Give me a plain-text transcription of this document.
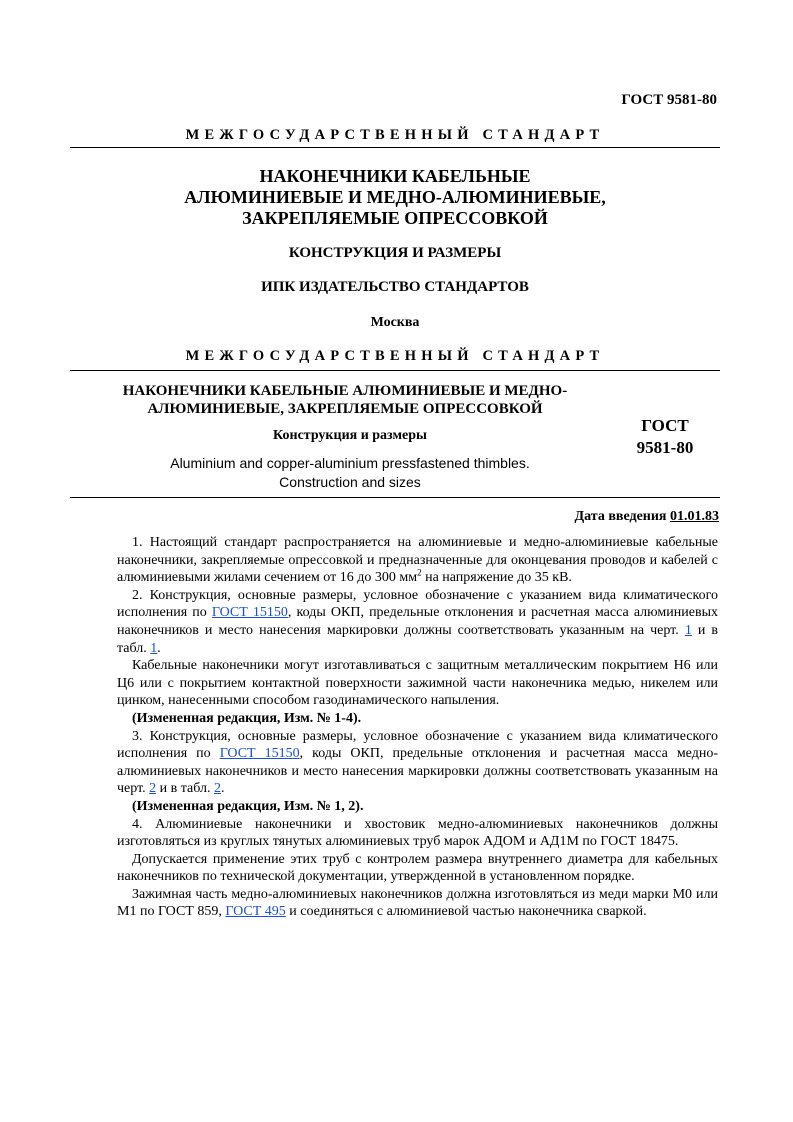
ГОСТ 9581-80
МЕЖГОСУДАРСТВЕННЫЙ СТАНДАРТ
НАКОНЕЧНИКИ КАБЕЛЬНЫЕ
АЛЮМИНИЕВЫЕ И МЕДНО-АЛЮМИНИЕВЫЕ,
ЗАКРЕПЛЯЕМЫЕ ОПРЕССОВКОЙ
КОНСТРУКЦИЯ И РАЗМЕРЫ
ИПК ИЗДАТЕЛЬСТВО СТАНДАРТОВ
Москва
МЕЖГОСУДАРСТВЕННЫЙ СТАНДАРТ
НАКОНЕЧНИКИ КАБЕЛЬНЫЕ АЛЮМИНИЕВЫЕ И МЕДНО-
АЛЮМИНИЕВЫЕ, ЗАКРЕПЛЯЕМЫЕ ОПРЕССОВКОЙ
Конструкция и размеры
Aluminium and copper-aluminium pressfastened thimbles.
Construction and sizes
ГОСТ
9581-80
Дата введения 01.01.83

1. Настоящий стандарт распространяется на алюминиевые и медно-алюминиевые кабельные наконечники, закрепляемые опрессовкой и предназначенные для оконцевания проводов и кабелей с алюминиевыми жилами сечением от 16 до 300 $мм^2$ на напряжение до 35 кВ.

2. Конструкция, основные размеры, условное обозначение с указанием вида климатического исполнения по ГОСТ 15150, коды ОКП, предельные отклонения и расчетная масса алюминиевых наконечников и место нанесения маркировки должны соответствовать указанным на черт. 1 и в табл. 1.

Кабельные наконечники могут изготавливаться с защитным металлическим покрытием Н6 или Ц6 или с покрытием контактной поверхности зажимной части наконечника медью, никелем или цинком, нанесенными способом газодинамического напыления.

(Измененная редакция, Изм. № 1-4).

3. Конструкция, основные размеры, условное обозначение с указанием вида климатического исполнения по ГОСТ 15150, коды ОКП, предельные отклонения и расчетная масса медно-алюминиевых наконечников и место нанесения маркировки должны соответствовать указанным на черт. 2 и в табл. 2.

(Измененная редакция, Изм. № 1, 2).

4. Алюминиевые наконечники и хвостовик медно-алюминиевых наконечников должны изготовляться из круглых тянутых алюминиевых труб марок АДОМ и АД1М по ГОСТ 18475.

Допускается применение этих труб с контролем размера внутреннего диаметра для кабельных наконечников по технической документации, утвержденной в установленном порядке.

Зажимная часть медно-алюминиевых наконечников должна изготовляться из меди марки М0 или М1 по ГОСТ 859, ГОСТ 495 и соединяться с алюминиевой частью наконечника сваркой.
